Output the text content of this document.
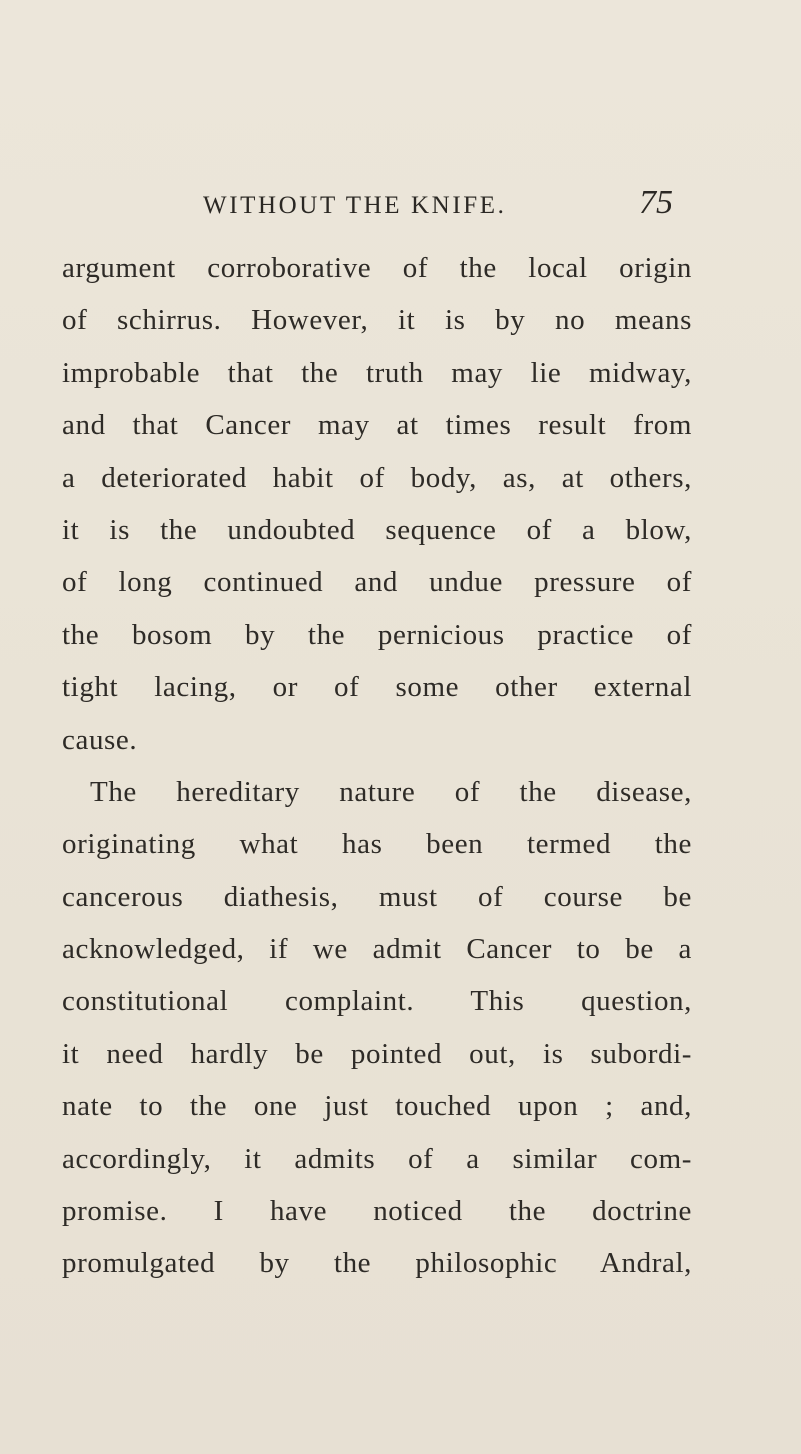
WITHOUT THE KNIFE.	75
argument corroborative of the local origin
of schirrus. However, it is by no means
improbable that the truth may lie midway,
and that Cancer may at times result from
a deteriorated habit of body, as, at others,
it is the undoubted sequence of a blow,
of long continued and undue pressure of
the bosom by the pernicious practice of
tight lacing, or of some other external
cause.
The hereditary nature of the disease,
originating what has been termed the
cancerous diathesis, must of course be
acknowledged, if we admit Cancer to be a
constitutional complaint. This question,
it need hardly be pointed out, is subordi-
nate to the one just touched upon ; and,
accordingly, it admits of a similar com-
promise. I have noticed the doctrine
promulgated by the philosophic Andral,
